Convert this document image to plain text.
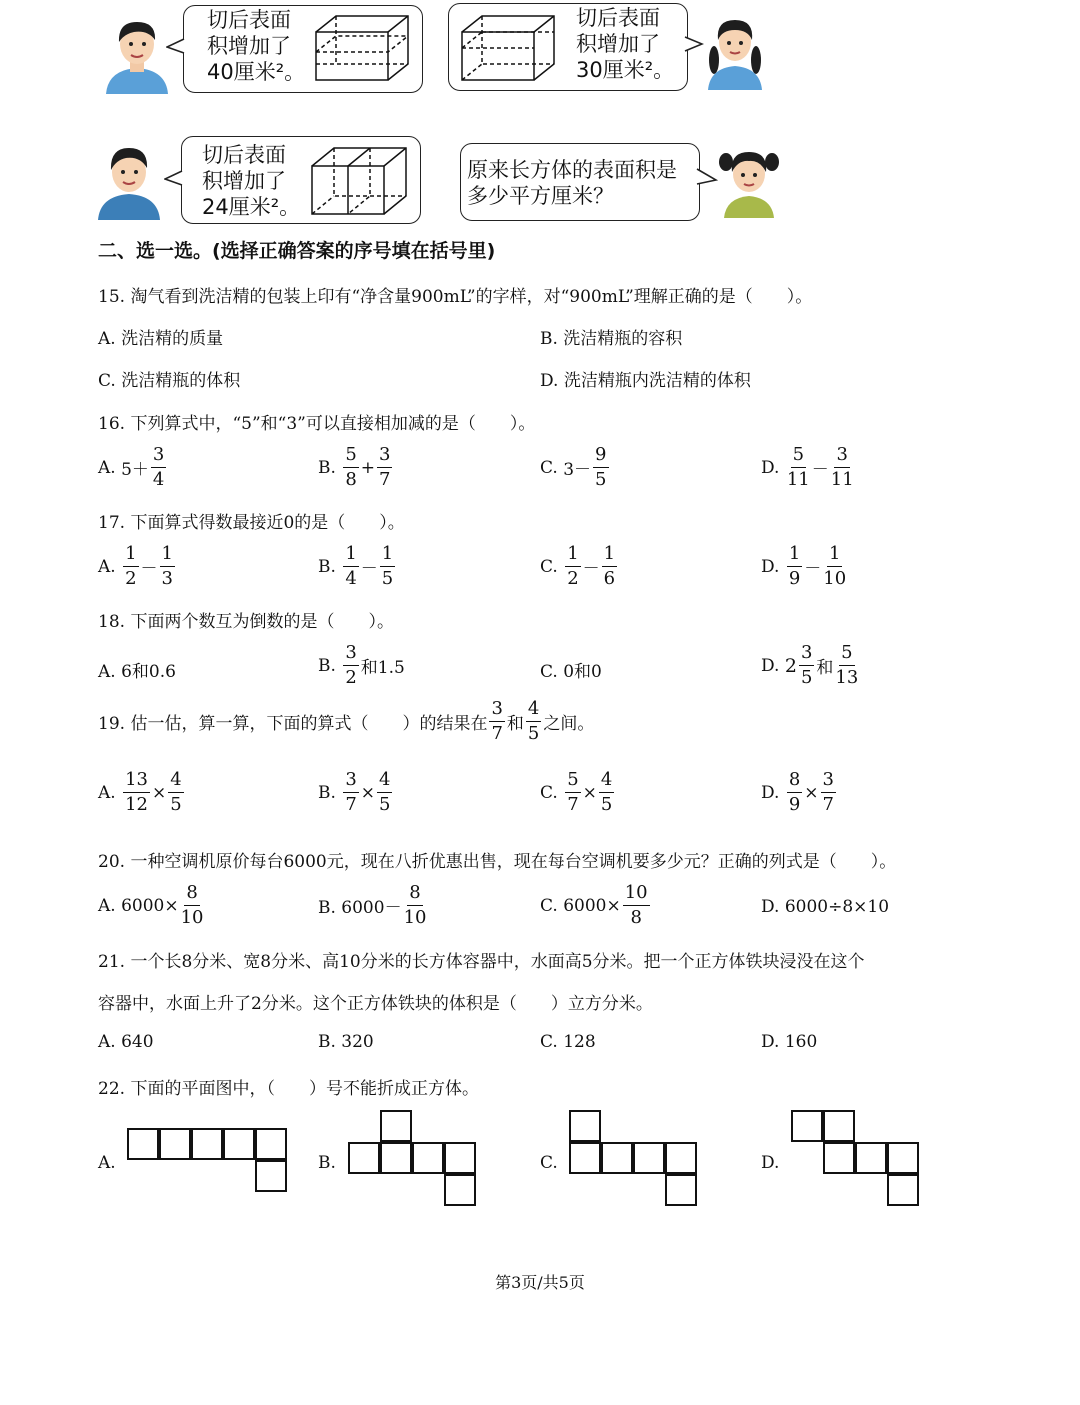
切后表面
积增加了
40厘米²。
切后表面
积增加了
30厘米²。
切后表面
积增加了
24厘米²。
原来长方体的表面积是
多少平方厘米？
二、选一选。(选择正确答案的序号填在括号里)
15. 淘气看到洗洁精的包装上印有“净含量900mL”的字样，对“900mL”理解正确的是（　　）。
A. 洗洁精的质量	B. 洗洁精瓶的容积
C. 洗洁精瓶的体积	D. 洗洁精瓶内洗洁精的体积
16. 下列算式中，“5”和“3”可以直接相加减的是（　　）。
A.
$5+ \frac{3}{4}$	B.
$\frac{5}{8} + \frac{3}{7}$	C.
$3- \frac{9}{5}$	D.
$\frac{5}{11} - \frac{3}{11}$
17. 下面算式得数最接近0的是（　　）。
A.
$\frac{1}{2} - \frac{1}{3}$	B.
$\frac{1}{4} - \frac{1}{5}$	C.
$\frac{1}{2} - \frac{1}{6}$	D.
$\frac{1}{9} - \frac{1}{10}$
18. 下面两个数互为倒数的是（　　）。
A. 6和0.6	B.
$\frac{3}{2}$ 和1.5	C. 0和0	D.
$2 \frac{3}{5}$ 和 $\frac{5}{13}$
19. 估一估，算一算，下面的算式（　　）的结果在 $\frac{3}{7}$ 和 $\frac{4}{5}$ 之间。
A.
$\frac{13}{12} \times \frac{4}{5}$	B.
$\frac{3}{7} \times \frac{4}{5}$	C.
$\frac{5}{7} \times \frac{4}{5}$	D.
$\frac{8}{9} \times \frac{3}{7}$
20. 一种空调机原价每台6000元，现在八折优惠出售，现在每台空调机要多少元？正确的列式是（　　）。
A. $6000\times \frac{8}{10}$	B. $6000- \frac{8}{10}$	C. $6000\times \frac{10}{8}$	D. 6000÷8×10
21. 一个长8分米、宽8分米、高10分米的长方体容器中，水面高5分米。把一个正方体铁块浸没在这个
容器中，水面上升了2分米。这个正方体铁块的体积是（　　）立方分米。
A. 640	B. 320	C. 128	D. 160
22. 下面的平面图中，（　　）号不能折成正方体。
A.	B.	C.	D.
第3页/共5页
